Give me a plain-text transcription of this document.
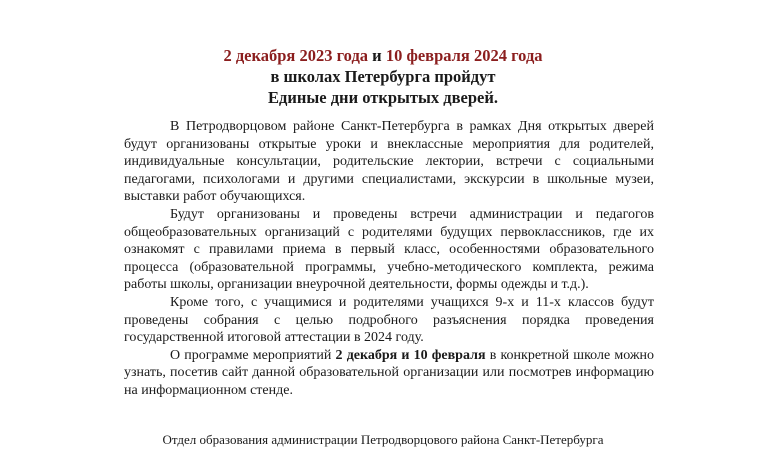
2 декабря 2023 года и 10 февраля 2024 года
в школах Петербурга пройдут
Единые дни открытых дверей.

В Петродворцовом районе Санкт-Петербурга в рамках Дня открытых дверей будут организованы открытые уроки и внеклассные мероприятия для родителей, индивидуальные консультации, родительские лектории, встречи с социальными педагогами, психологами и другими специалистами, экскурсии в школьные музеи, выставки работ обучающихся.

Будут организованы и проведены встречи администрации и педагогов общеобразовательных организаций с родителями будущих первоклассников, где их ознакомят с правилами приема в первый класс, особенностями образовательного процесса (образовательной программы, учебно-методического комплекта, режима работы школы, организации внеурочной деятельности, формы одежды и т.д.).

Кроме того, с учащимися и родителями учащихся 9-х и 11-х классов будут проведены собрания с целью подробного разъяснения порядка проведения государственной итоговой аттестации в 2024 году.

О программе мероприятий 2 декабря и 10 февраля в конкретной школе можно узнать, посетив сайт данной образовательной организации или посмотрев информацию на информационном стенде.

Отдел образования администрации Петродворцового района Санкт-Петербурга
